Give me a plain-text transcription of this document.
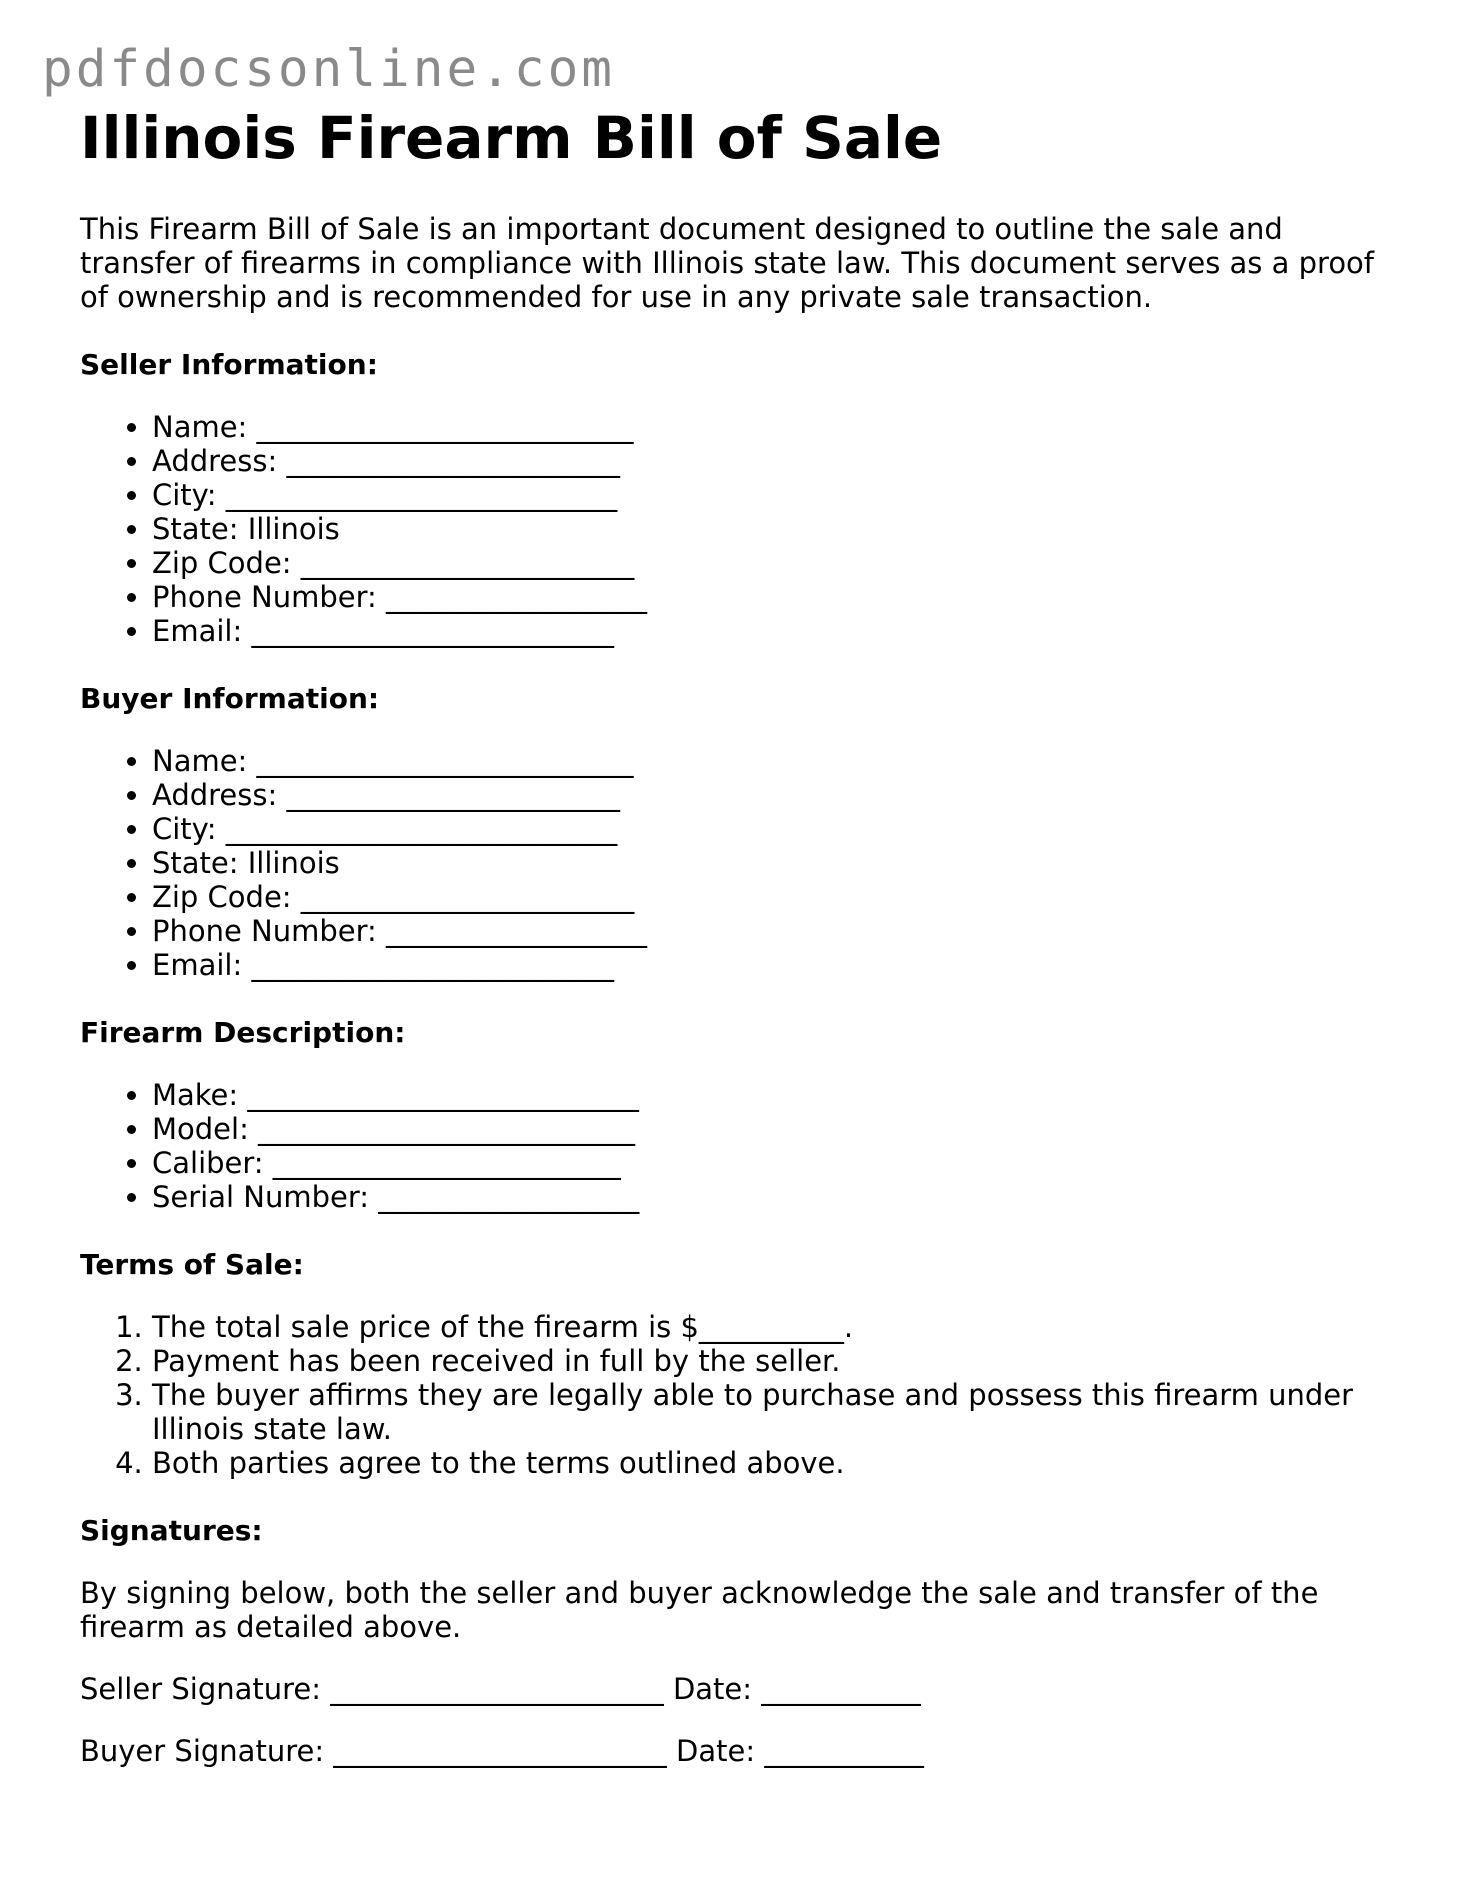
pdfdocsonline.com
Illinois Firearm Bill of Sale

This Firearm Bill of Sale is an important document designed to outline the sale and transfer of firearms in compliance with Illinois state law. This document serves as a proof of ownership and is recommended for use in any private sale transaction.

Seller Information:
• Name: __________________________
• Address: _______________________
• City: ___________________________
• State: Illinois
• Zip Code: _______________________
• Phone Number: __________________
• Email: _________________________
Buyer Information:
• Name: __________________________
• Address: _______________________
• City: ___________________________
• State: Illinois
• Zip Code: _______________________
• Phone Number: __________________
• Email: _________________________
Firearm Description:
• Make: ___________________________
• Model: __________________________
• Caliber: ________________________
• Serial Number: __________________
Terms of Sale:
1. The total sale price of the firearm is $__________.
2. Payment has been received in full by the seller.
3. The buyer affirms they are legally able to purchase and possess this firearm under Illinois state law.
4. Both parties agree to the terms outlined above.
Signatures:

By signing below, both the seller and buyer acknowledge the sale and transfer of the firearm as detailed above.

Seller Signature: _______________________ Date: ___________
Buyer Signature: _______________________ Date: ___________
